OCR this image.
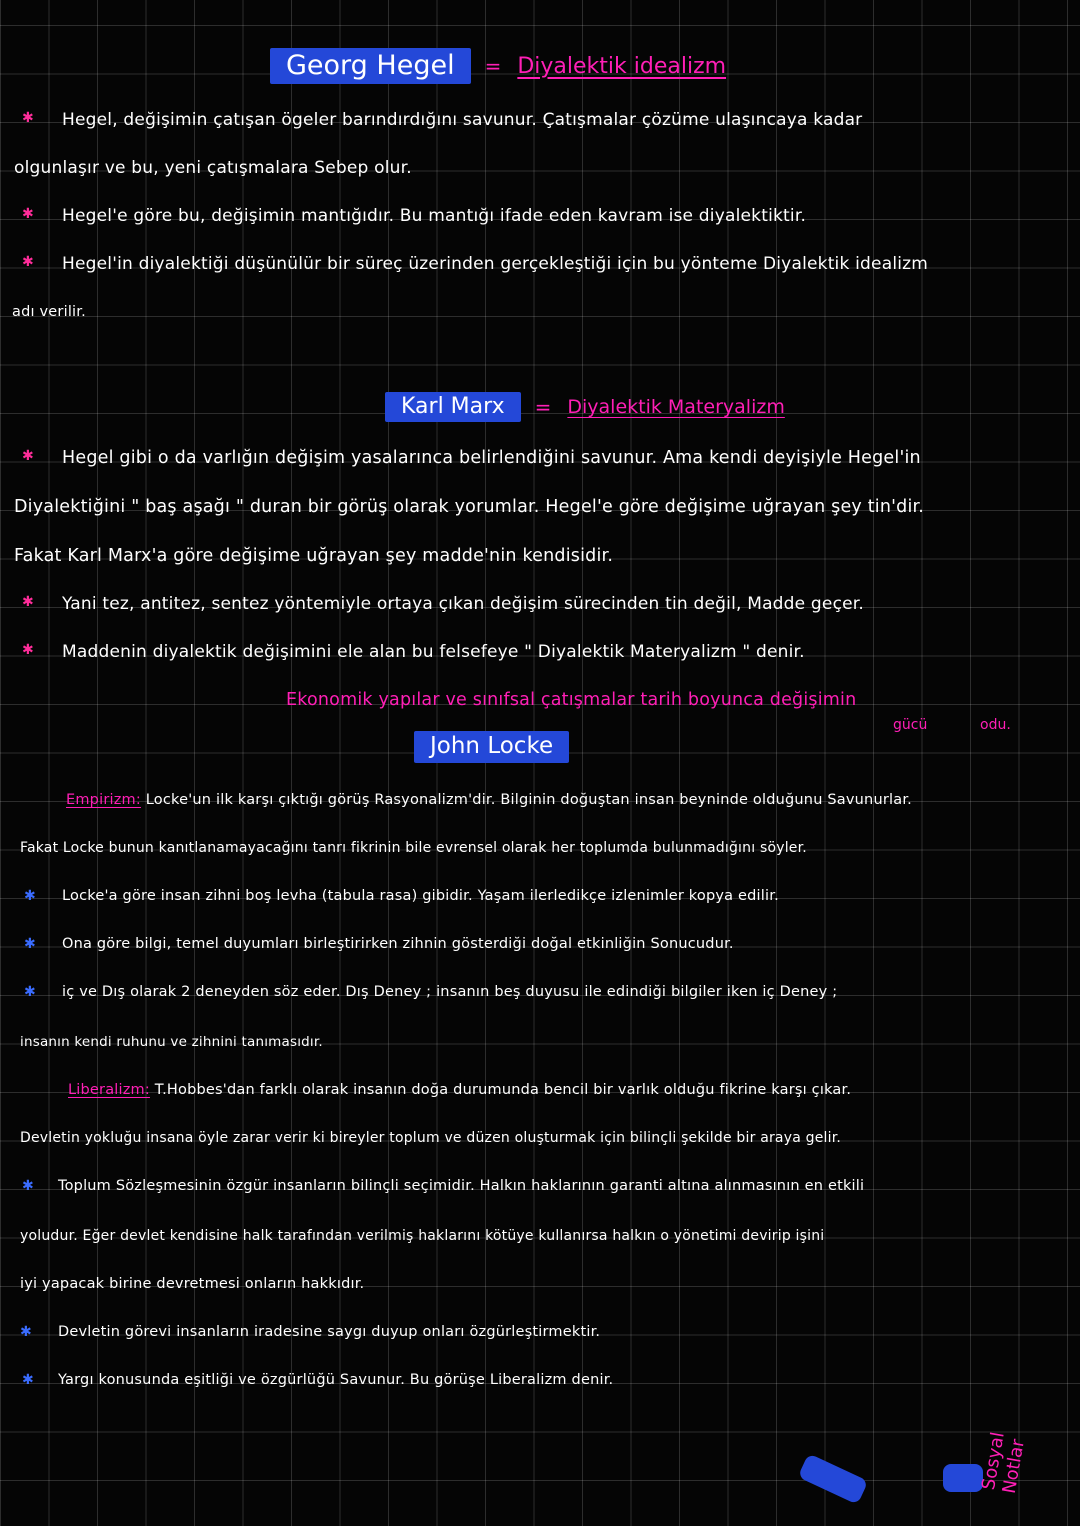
Georg Hegel	= Diyalektik idealizm
✱ Hegel, değişimin çatışan ögeler barındırdığını savunur. Çatışmalar çözüme ulaşıncaya kadar
olgunlaşır ve bu, yeni çatışmalara Sebep olur.
✱ Hegel'e göre bu, değişimin mantığıdır. Bu mantığı ifade eden kavram ise diyalektiktir.
✱ Hegel'in diyalektiği düşünülür bir süreç üzerinden gerçekleştiği için bu yönteme Diyalektik idealizm
adı verilir.
Karl Marx	= Diyalektik Materyalizm
✱ Hegel gibi o da varlığın değişim yasalarınca belirlendiğini savunur. Ama kendi deyişiyle Hegel'in
Diyalektiğini " baş aşağı " duran bir görüş olarak yorumlar. Hegel'e göre değişime uğrayan şey tin'dir.
Fakat Karl Marx'a göre değişime uğrayan şey madde'nin kendisidir.
✱ Yani tez, antitez, sentez yöntemiyle ortaya çıkan değişim sürecinden tin değil, Madde geçer.
✱ Maddenin diyalektik değişimini ele alan bu felsefeye " Diyalektik Materyalizm " denir.
Ekonomik yapılar ve sınıfsal çatışmalar tarih boyunca değişimin
gücü	odu.
John Locke
Empirizm: Locke'un ilk karşı çıktığı görüş Rasyonalizm'dir. Bilginin doğuştan insan beyninde olduğunu Savunurlar.
Fakat Locke bunun kanıtlanamayacağını tanrı fikrinin bile evrensel olarak her toplumda bulunmadığını söyler.
✱ Locke'a göre insan zihni boş levha (tabula rasa) gibidir. Yaşam ilerledikçe izlenimler kopya edilir.
✱ Ona göre bilgi, temel duyumları birleştirirken zihnin gösterdiği doğal etkinliğin Sonucudur.
✱ iç ve Dış olarak 2 deneyden söz eder. Dış Deney ; insanın beş duyusu ile edindiği bilgiler iken iç Deney ;
insanın kendi ruhunu ve zihnini tanımasıdır.
Liberalizm: T.Hobbes'dan farklı olarak insanın doğa durumunda bencil bir varlık olduğu fikrine karşı çıkar.
Devletin yokluğu insana öyle zarar verir ki bireyler toplum ve düzen oluşturmak için bilinçli şekilde bir araya gelir.
✱ Toplum Sözleşmesinin özgür insanların bilinçli seçimidir. Halkın haklarının garanti altına alınmasının en etkili
yoludur. Eğer devlet kendisine halk tarafından verilmiş haklarını kötüye kullanırsa halkın o yönetimi devirip işini
iyi yapacak birine devretmesi onların hakkıdır.
✱ Devletin görevi insanların iradesine saygı duyup onları özgürleştirmektir.
✱ Yargı konusunda eşitliği ve özgürlüğü Savunur. Bu görüşe Liberalizm denir.
Sosyal Notlar
